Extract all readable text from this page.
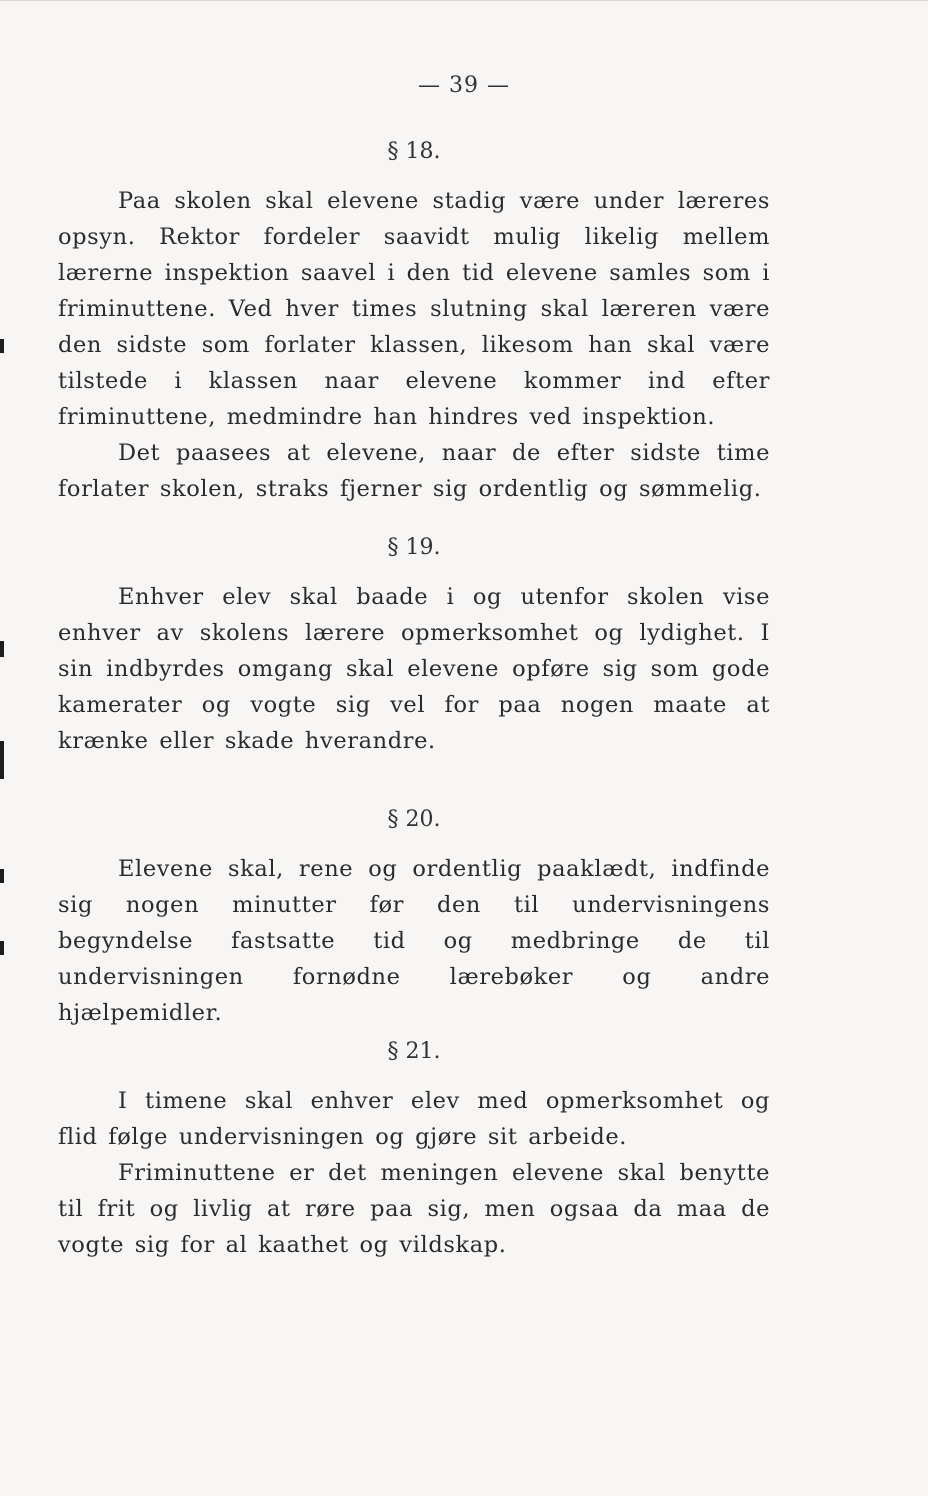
— 39 —
§ 18.

Paa skolen skal elevene stadig være under læreres opsyn. Rektor fordeler saavidt mulig likelig mellem lærerne inspektion saavel i den tid elevene samles som i friminuttene. Ved hver times slutning skal læreren være den sidste som forlater klassen, likesom han skal være tilstede i klassen naar elevene kommer ind efter friminuttene, medmindre han hindres ved inspektion.

Det paasees at elevene, naar de efter sidste time forlater skolen, straks fjerner sig ordentlig og sømmelig.

§ 19.

Enhver elev skal baade i og utenfor skolen vise enhver av skolens lærere opmerksomhet og lydighet. I sin indbyrdes omgang skal elevene opføre sig som gode kamerater og vogte sig vel for paa nogen maate at krænke eller skade hverandre.

§ 20.

Elevene skal, rene og ordentlig paaklædt, indfinde sig nogen minutter før den til undervisningens begyndelse fastsatte tid og medbringe de til undervisningen fornødne lærebøker og andre hjælpemidler.

§ 21.

I timene skal enhver elev med opmerksomhet og flid følge undervisningen og gjøre sit arbeide.

Friminuttene er det meningen elevene skal benytte til frit og livlig at røre paa sig, men ogsaa da maa de vogte sig for al kaathet og vildskap.
